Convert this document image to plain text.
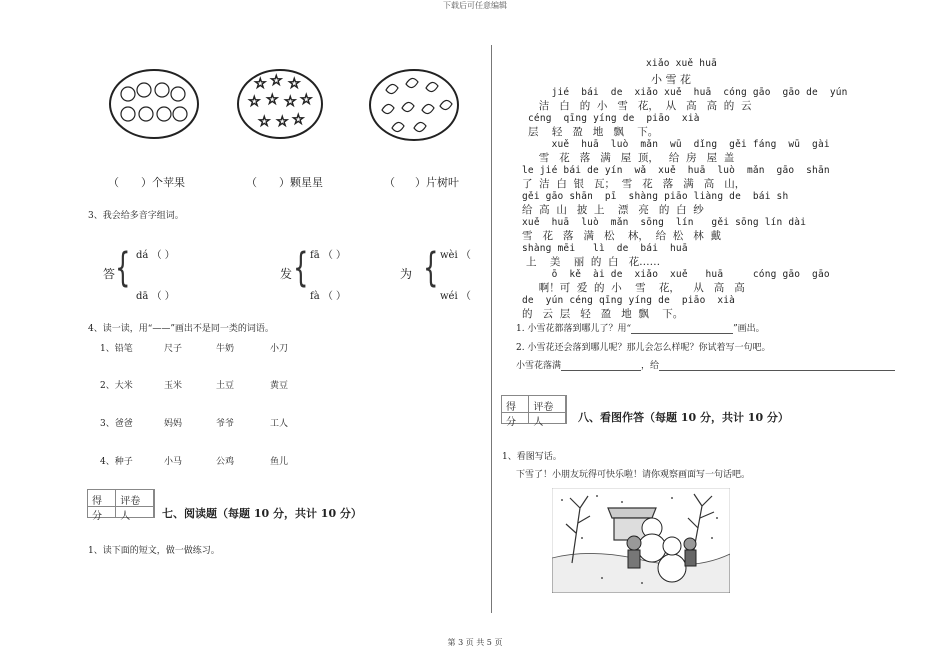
下载后可任意编辑
☆ ☆ ☆
☆ ☆ ☆ ☆
☆ ☆ ☆
（ ）个苹果	（ ）颗星星	（ ）片树叶
3、我会给多音字组词。
答 { dá （ ）
dā （ ）
发 { fā （ ）
fà （ ）
为 { wèi （
wéi （
4、读一读，用“——”画出不是同一类的词语。
1、铅笔	尺子	牛奶	小刀
2、大米	玉米	土豆	黄豆
3、爸爸	妈妈	爷爷	工人
4、种子	小马	公鸡	鱼儿
得分
评卷人	七、阅读题（每题 10 分，共计 10 分）
1、读下面的短文，做一做练习。
xiǎo xuě huā
小 雪 花
jié  bái  de  xiǎo xuě  huā  cóng gāo  gāo de  yún
洁   白   的  小   雪   花，  从   高   高  的  云
céng  qīng yíng de  piāo  xià
层    轻   盈   地   飘    下。
xuě  huā  luò  mǎn  wū  dǐng  gěi fáng  wū  gài
雪   花   落   满   屋  顶，   给  房   屋  盖
le jié bái de yín  wǎ  xuě  huā  luò  mǎn  gāo  shān
了  洁  白  银   瓦；  雪   花   落   满   高   山，
gěi gāo shān  pī  shàng piāo liàng de  bái sh
给  高  山   披  上    漂   亮   的  白  纱
xuě  huā  luò  mǎn  sōng  lín   gěi sōng lín dài
雪   花   落   满   松    林，  给  松   林  戴
shàng mēi   lì  de  bái  huā
上    美    丽  的  白   花……
ō  kě  ài de  xiǎo  xuě   huā     cóng gāo  gāo
啊！可  爱  的  小    雪    花，    从   高   高
de  yún céng qīng yíng de  piāo  xià
的   云  层   轻   盈   地  飘    下。
1. 小雪花都落到哪儿了？用“	”画出。
2. 小雪花还会落到哪儿呢？那儿会怎么样呢？你试着写一句吧。
小雪花落满	，给
得分
评卷人	八、看图作答（每题 10 分，共计 10 分）
1、看图写话。
下雪了！小朋友玩得可快乐啦！请你观察画面写一句话吧。
第 3 页 共 5 页
